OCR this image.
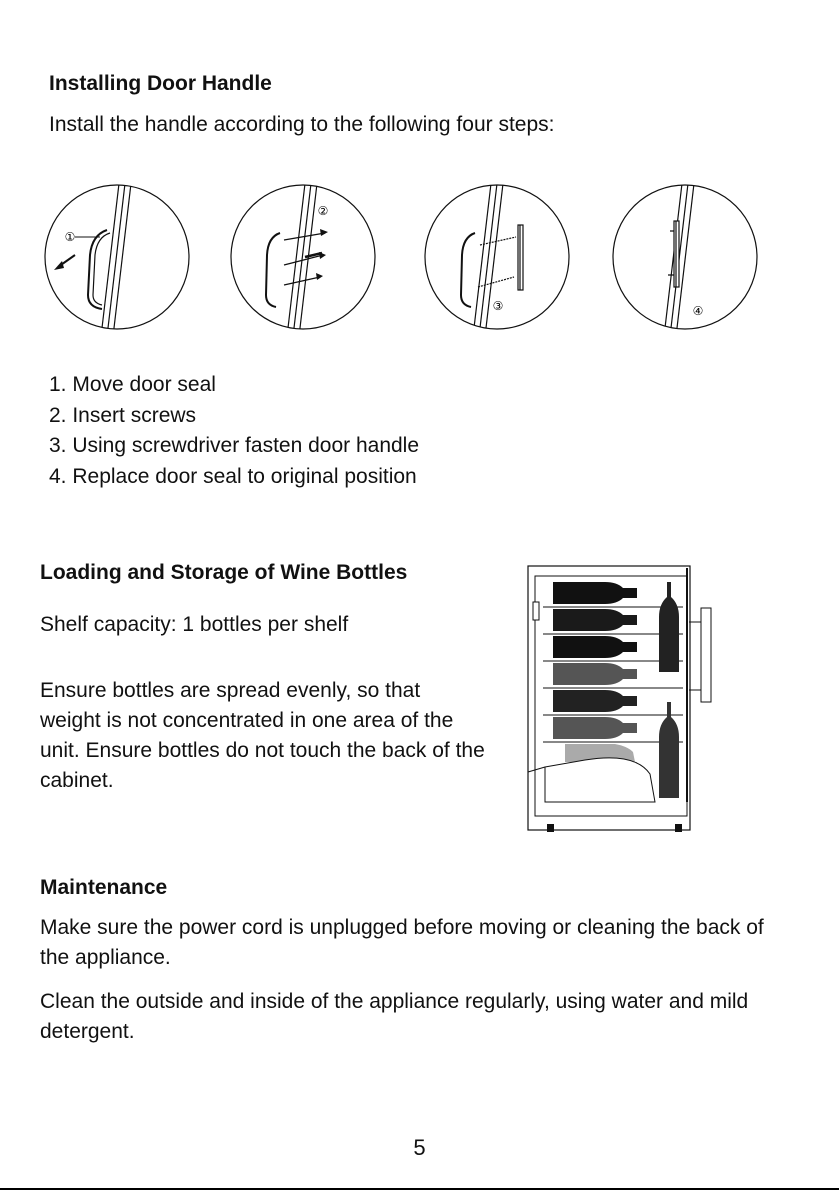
Installing Door Handle

Install the handle according to the following four steps:

①
②
③	④
1. Move door seal
2. Insert screws
3. Using screwdriver fasten door handle
4. Replace door seal to original position
Loading and Storage of Wine Bottles

Shelf capacity: 1 bottles per shelf

Ensure bottles are spread evenly, so that weight is not concentrated in one area of the unit. Ensure bottles do not touch the back of the cabinet.

Maintenance

Make sure the power cord is unplugged before moving or cleaning the back of the appliance.

Clean the outside and inside of the appliance regularly, using water and mild detergent.

5
